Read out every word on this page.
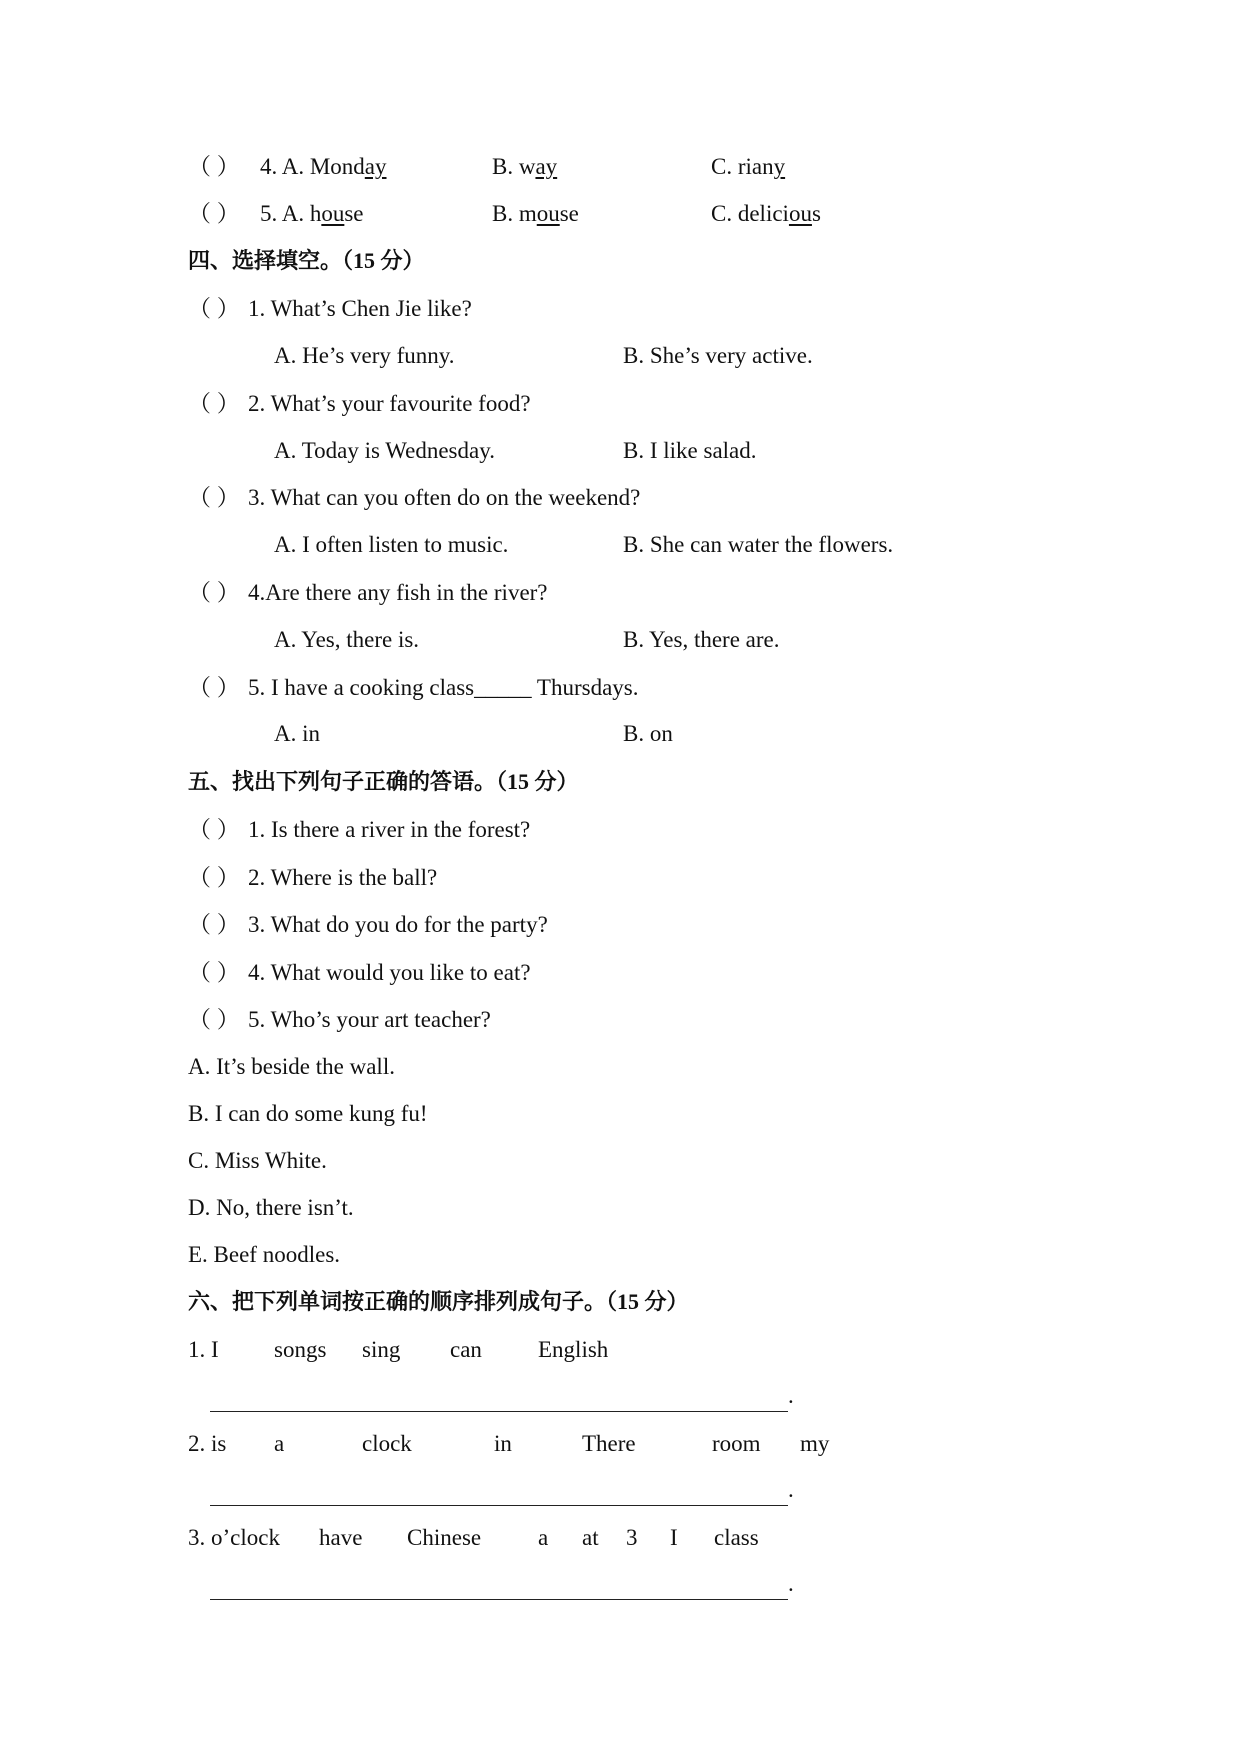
（ ） 4. A. Monday	B. way	C. riany
（ ） 5. A. house	B. mouse	C. delicious
四、选择填空。（15 分）
（ ） 1. What’s Chen Jie like?
A. He’s very funny.	B. She’s very active.
（ ） 2. What’s your favourite food?
A. Today is Wednesday.	B. I like salad.
（ ） 3. What can you often do on the weekend?
A. I often listen to music.	B. She can water the flowers.
（ ） 4.Are there any fish in the river?
A. Yes, there is.	B. Yes, there are.
（ ） 5. I have a cooking class_____ Thursdays.
A. in	B. on
五、找出下列句子正确的答语。（15 分）
（ ） 1. Is there a river in the forest?
（ ） 2. Where is the ball?
（ ） 3. What do you do for the party?
（ ） 4. What would you like to eat?
（ ） 5. Who’s your art teacher?
A. It’s beside the wall.
B. I can do some kung fu!
C. Miss White.
D. No, there isn’t.
E. Beef noodles.
六、把下列单词按正确的顺序排列成句子。（15 分）
1. I songs sing can English
.
2. is a	clock	in	There	room my
.
3. o’clock have Chinese a at 3 I class
.
